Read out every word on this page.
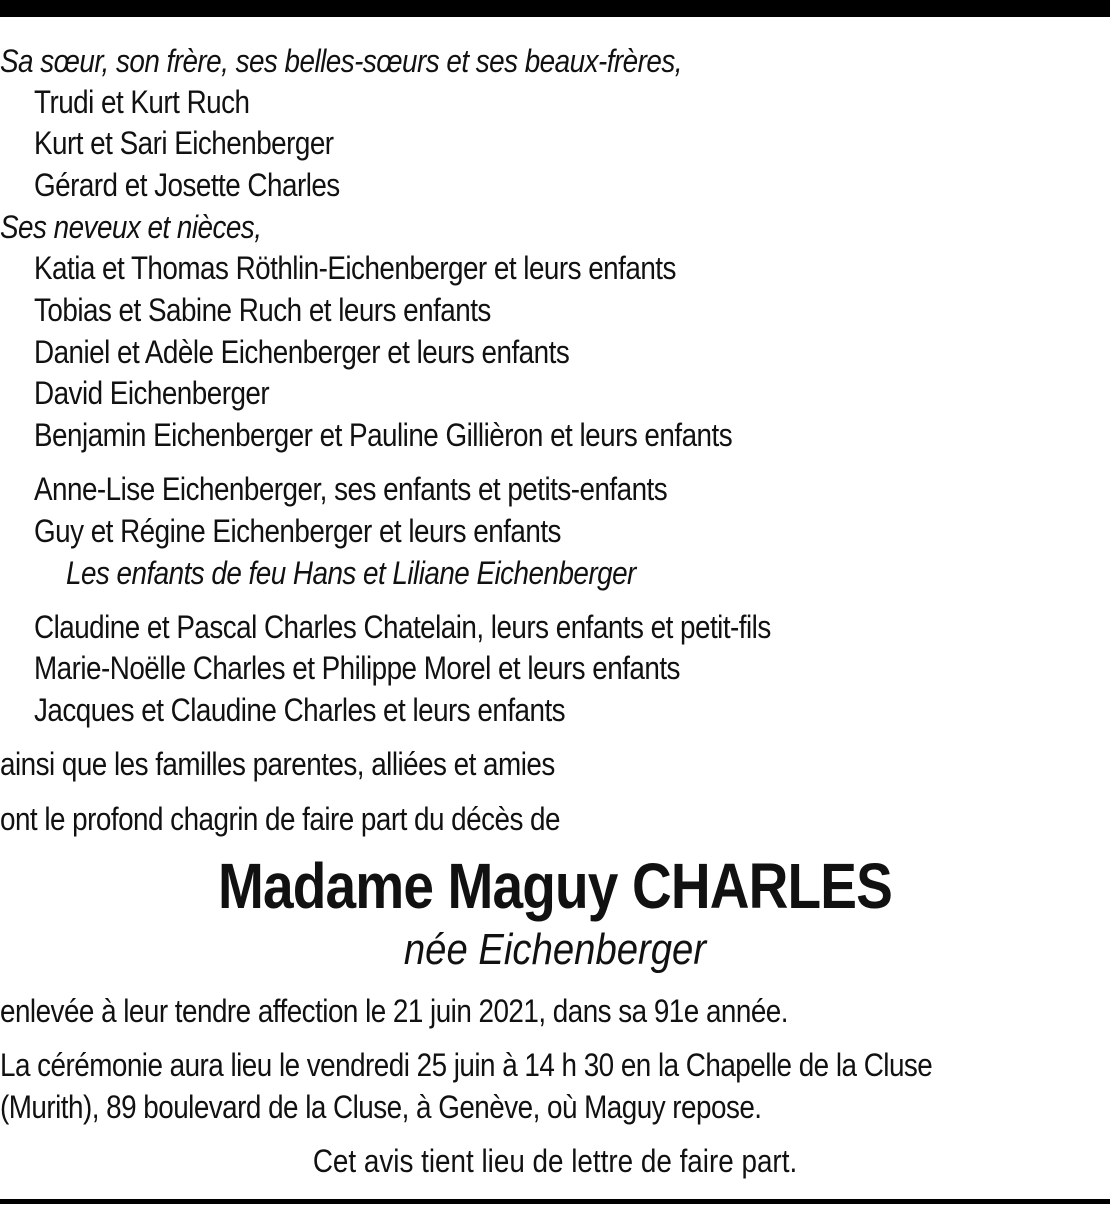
Sa sœur, son frère, ses belles-sœurs et ses beaux-frères,
Trudi et Kurt Ruch
Kurt et Sari Eichenberger
Gérard et Josette Charles
Ses neveux et nièces,
Katia et Thomas Röthlin-Eichenberger et leurs enfants
Tobias et Sabine Ruch et leurs enfants
Daniel et Adèle Eichenberger et leurs enfants
David Eichenberger
Benjamin Eichenberger et Pauline Gillièron et leurs enfants
Anne-Lise Eichenberger, ses enfants et petits-enfants
Guy et Régine Eichenberger et leurs enfants
Les enfants de feu Hans et Liliane Eichenberger
Claudine et Pascal Charles Chatelain, leurs enfants et petit-fils
Marie-Noëlle Charles et Philippe Morel et leurs enfants
Jacques et Claudine Charles et leurs enfants
ainsi que les familles parentes, alliées et amies
ont le profond chagrin de faire part du décès de
Madame Maguy CHARLES
née Eichenberger
enlevée à leur tendre affection le 21 juin 2021, dans sa 91e année.
La cérémonie aura lieu le vendredi 25 juin à 14 h 30 en la Chapelle de la Cluse
(Murith), 89 boulevard de la Cluse, à Genève, où Maguy repose.
Cet avis tient lieu de lettre de faire part.
